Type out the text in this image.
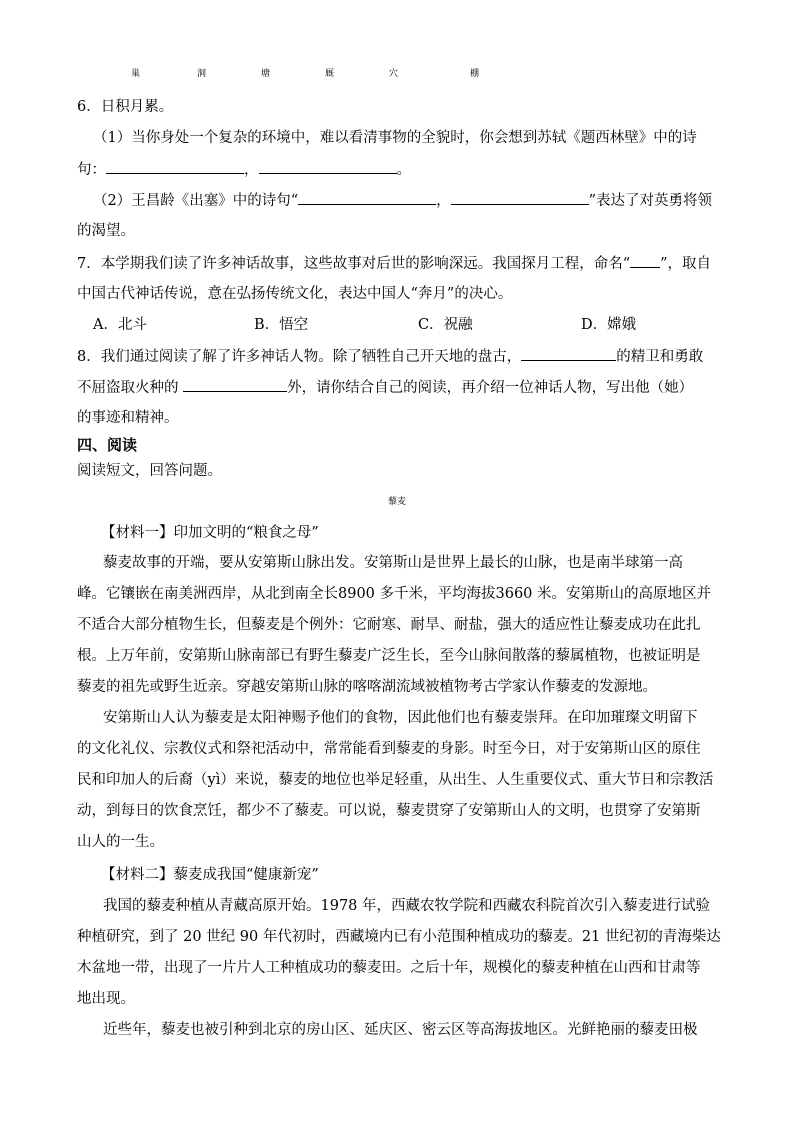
巢	洞	塘	厩	穴	棚
6．日积月累。
（1）当你身处一个复杂的环境中，难以看清事物的全貌时，你会想到苏轼《题西林壁》中的诗
句：	，	。
（2）王昌龄《出塞》中的诗句“	，	”表达了对英勇将领
的渴望。
7．本学期我们读了许多神话故事，这些故事对后世的影响深远。我国探月工程，命名“ ”，取自
中国古代神话传说，意在弘扬传统文化，表达中国人“奔月”的决心。
A．北斗	B．悟空	C．祝融	D．嫦娥
8．我们通过阅读了解了许多神话人物。除了牺牲自己开天地的盘古，	的精卫和勇敢
不屈盗取火种的	外，请你结合自己的阅读，再介绍一位神话人物，写出他（她）
的事迹和精神。
四、阅读
阅读短文，回答问题。
藜麦
【材料一】印加文明的“粮食之母”
藜麦故事的开端，要从安第斯山脉出发。安第斯山是世界上最长的山脉，也是南半球第一高
峰。它镶嵌在南美洲西岸，从北到南全长8900 多千米，平均海拔3660 米。安第斯山的高原地区并
不适合大部分植物生长，但藜麦是个例外：它耐寒、耐旱、耐盐，强大的适应性让藜麦成功在此扎
根。上万年前，安第斯山脉南部已有野生藜麦广泛生长，至今山脉间散落的藜属植物，也被证明是
藜麦的祖先或野生近亲。穿越安第斯山脉的喀喀湖流域被植物考古学家认作藜麦的发源地。
安第斯山人认为藜麦是太阳神赐予他们的食物，因此他们也有藜麦崇拜。在印加璀璨文明留下
的文化礼仪、宗教仪式和祭祀活动中，常常能看到藜麦的身影。时至今日，对于安第斯山区的原住
民和印加人的后裔（yì）来说，藜麦的地位也举足轻重，从出生、人生重要仪式、重大节日和宗教活
动，到每日的饮食烹饪，都少不了藜麦。可以说，藜麦贯穿了安第斯山人的文明，也贯穿了安第斯
山人的一生。
【材料二】藜麦成我国“健康新宠”
我国的藜麦种植从青藏高原开始。1978 年，西藏农牧学院和西藏农科院首次引入藜麦进行试验
种植研究，到了 20 世纪 90 年代初时，西藏境内已有小范围种植成功的藜麦。21 世纪初的青海柴达
木盆地一带，出现了一片片人工种植成功的藜麦田。之后十年，规模化的藜麦种植在山西和甘肃等
地出现。
近些年，藜麦也被引种到北京的房山区、延庆区、密云区等高海拔地区。光鲜艳丽的藜麦田极
